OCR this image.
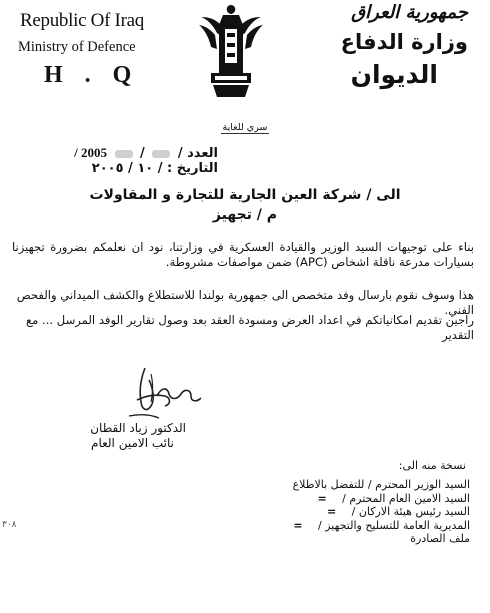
Republic Of Iraq
Ministry of Defence
H . Q
جمهورية العراق
وزارة الدفاع
الديوان
سري للغاية
العدد /  /  2005 /
التاريخ : / ١٠ / ٢٠٠٥
الى / شركة العين الجارية للتجارة و المقاولات
م / تجهيز
بناء على توجيهات السيد الوزير والقيادة العسكرية في وزارتنا، نود ان نعلمكم بضرورة تجهيزنا بسيارات مدرعة ناقلة اشخاص (APC) ضمن مواصفات مشروطة.
هذا وسوف نقوم بارسال وفد متخصص الى جمهورية بولندا للاستطلاع والكشف الميداني والفحص الفني.
راجين تقديم امكانياتكم في اعداد العرض ومسودة العقد بعد وصول تقارير الوفد المرسل ... مع التقدير
الدكتور زياد القطان
نائب الامين العام
نسخة منه الى:
السيد الوزير المحترم / للتفضل بالاطلاع
السيد الامين العام المحترم /=
السيد رئيس هيئة الاركان /=
المديرية العامة للتسليح والتجهيز /=
ملف الصادرة
٣٠٨
